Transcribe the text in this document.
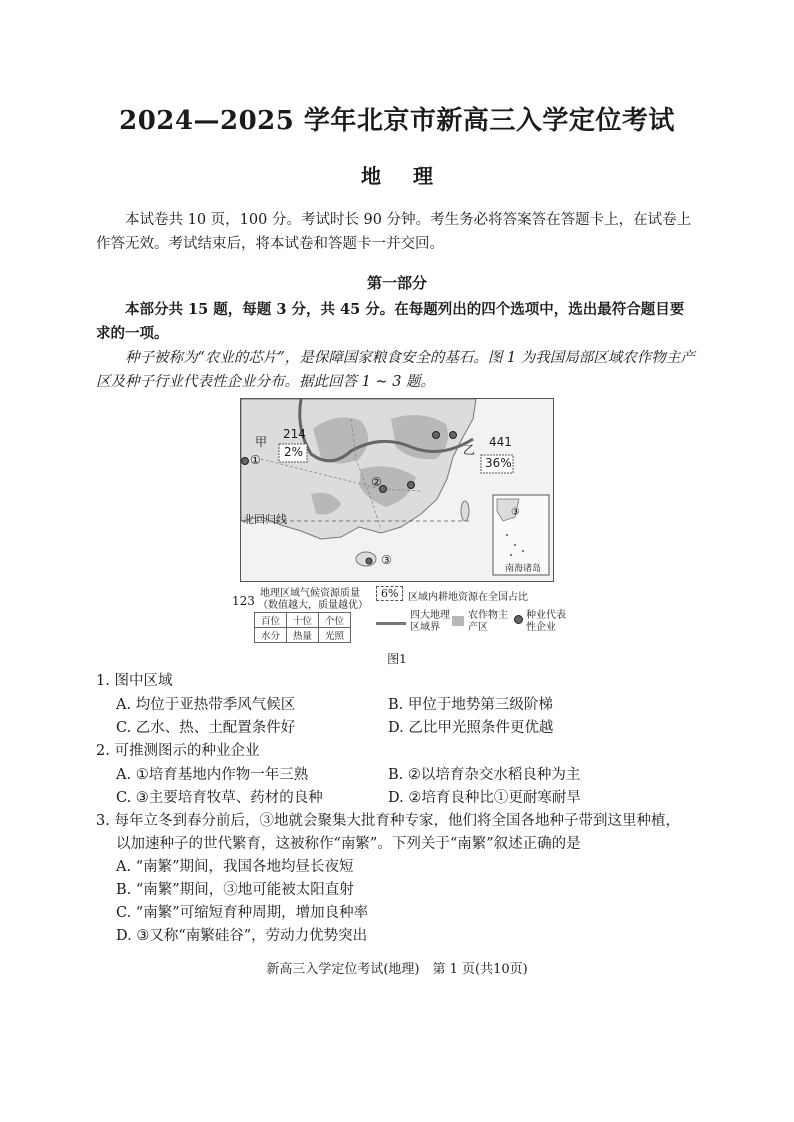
2024—2025 学年北京市新高三入学定位考试
地理
本试卷共 10 页，100 分。考试时长 90 分钟。考生务必将答案答在答题卡上，在试卷上作答无效。考试结束后，将本试卷和答题卡一并交回。
第一部分
本部分共 15 题，每题 3 分，共 45 分。在每题列出的四个选项中，选出最符合题目要求的一项。
种子被称为“农业的芯片”，是保障国家粮食安全的基石。图 1 为我国局部区域农作物主产区及种子行业代表性企业分布。据此回答 1 ~ 3 题。
甲
214
2%	乙
441
36%
①
②
③
③
北回归线
南海诸岛
123
地理区域气候资源质量
（数值越大，质量越优）
百位	十位	个位
水分	热量	光照
6% 区域内耕地资源在全国占比
四大地理区域界
农作物主产区
种业代表性企业
图1
1. 图中区域
A. 均位于亚热带季风气候区	B. 甲位于地势第三级阶梯
C. 乙水、热、土配置条件好	D. 乙比甲光照条件更优越
2. 可推测图示的种业企业
A. ①培育基地内作物一年三熟	B. ②以培育杂交水稻良种为主
C. ③主要培育牧草、药材的良种	D. ②培育良种比①更耐寒耐旱
3. 每年立冬到春分前后，③地就会聚集大批育种专家，他们将全国各地种子带到这里种植，
以加速种子的世代繁育，这被称作“南繁”。下列关于“南繁”叙述正确的是
A. “南繁”期间，我国各地均昼长夜短
B. “南繁”期间，③地可能被太阳直射
C. “南繁”可缩短育种周期，增加良种率
D. ③又称“南繁硅谷”，劳动力优势突出
新高三入学定位考试(地理)　第 1 页(共10页)
